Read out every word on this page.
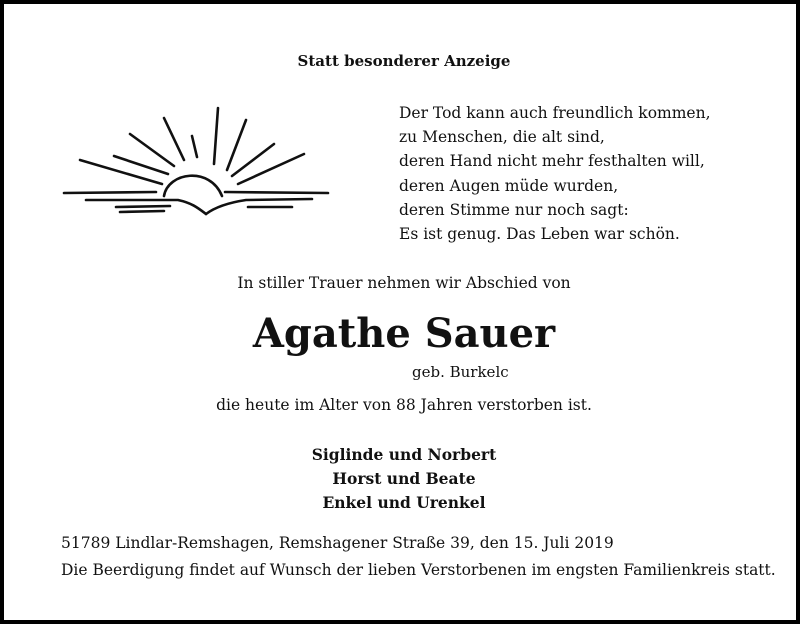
Statt besonderer Anzeige
Der Tod kann auch freundlich kommen,
zu Menschen, die alt sind,
deren Hand nicht mehr festhalten will,
deren Augen müde wurden,
deren Stimme nur noch sagt:
Es ist genug. Das Leben war schön.
In stiller Trauer nehmen wir Abschied von
Agathe Sauer
geb. Burkelc
die heute im Alter von 88 Jahren verstorben ist.
Siglinde und Norbert
Horst und Beate
Enkel und Urenkel
51789 Lindlar-Remshagen, Remshagener Straße 39, den 15. Juli 2019
Die Beerdigung findet auf Wunsch der lieben Verstorbenen im engsten Familienkreis statt.
